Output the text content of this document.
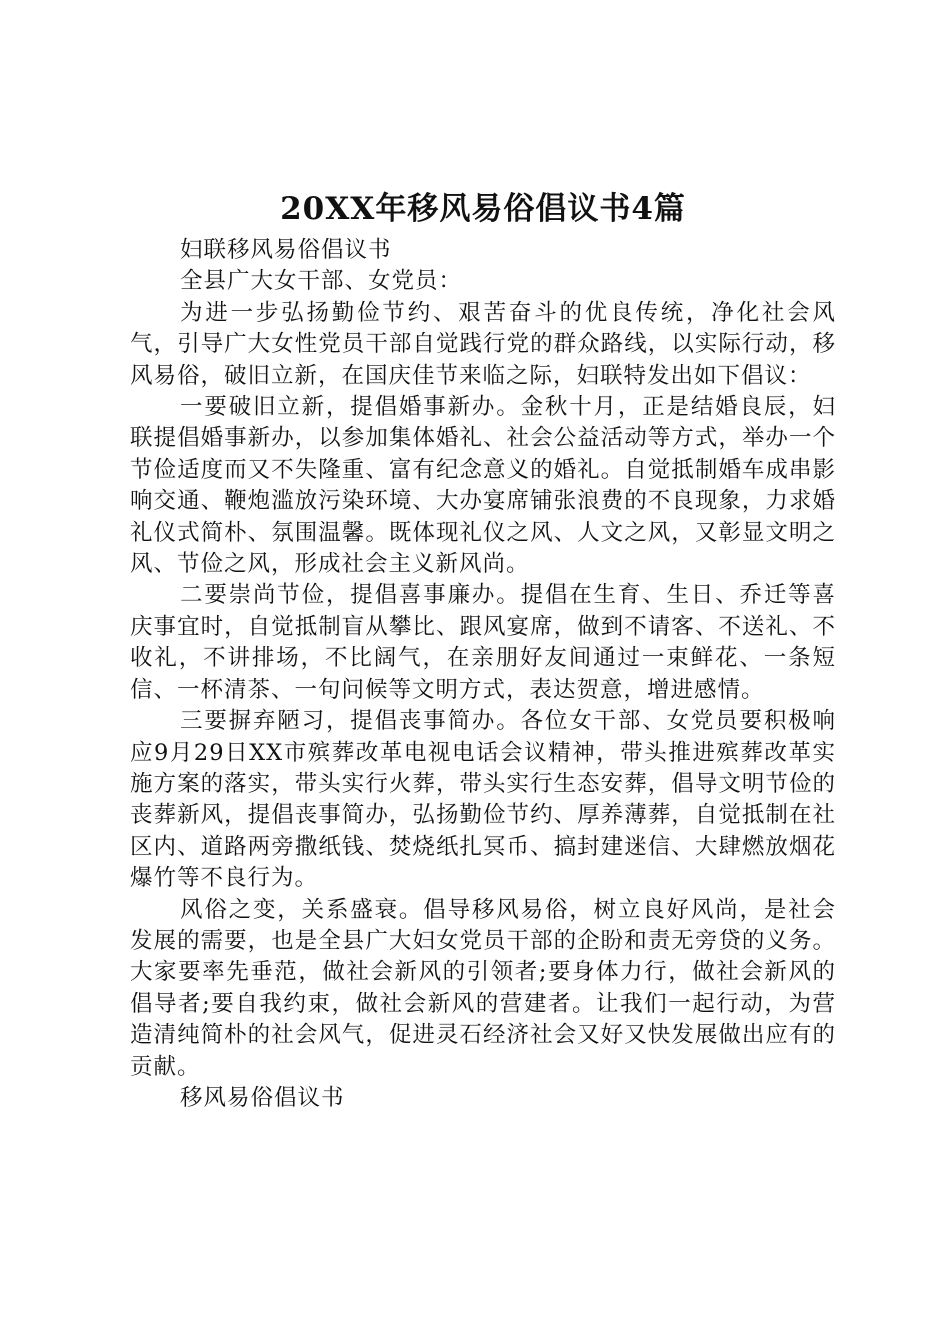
20XX年移风易俗倡议书4篇

妇联移风易俗倡议书

全县广大女干部、女党员：

为进一步弘扬勤俭节约、艰苦奋斗的优良传统，净化社会风气，引导广大女性党员干部自觉践行党的群众路线，以实际行动，移风易俗，破旧立新，在国庆佳节来临之际，妇联特发出如下倡议：

一要破旧立新，提倡婚事新办。金秋十月，正是结婚良辰，妇联提倡婚事新办，以参加集体婚礼、社会公益活动等方式，举办一个节俭适度而又不失隆重、富有纪念意义的婚礼。自觉抵制婚车成串影响交通、鞭炮滥放污染环境、大办宴席铺张浪费的不良现象，力求婚礼仪式简朴、氛围温馨。既体现礼仪之风、人文之风，又彰显文明之风、节俭之风，形成社会主义新风尚。

二要崇尚节俭，提倡喜事廉办。提倡在生育、生日、乔迁等喜庆事宜时，自觉抵制盲从攀比、跟风宴席，做到不请客、不送礼、不收礼，不讲排场，不比阔气，在亲朋好友间通过一束鲜花、一条短信、一杯清茶、一句问候等文明方式，表达贺意，增进感情。

三要摒弃陋习，提倡丧事简办。各位女干部、女党员要积极响应9月29日XX市殡葬改革电视电话会议精神，带头推进殡葬改革实施方案的落实，带头实行火葬，带头实行生态安葬，倡导文明节俭的丧葬新风，提倡丧事简办，弘扬勤俭节约、厚养薄葬，自觉抵制在社区内、道路两旁撒纸钱、焚烧纸扎冥币、搞封建迷信、大肆燃放烟花爆竹等不良行为。

风俗之变，关系盛衰。倡导移风易俗，树立良好风尚，是社会发展的需要，也是全县广大妇女党员干部的企盼和责无旁贷的义务。大家要率先垂范，做社会新风的引领者;要身体力行，做社会新风的倡导者;要自我约束，做社会新风的营建者。让我们一起行动，为营造清纯简朴的社会风气，促进灵石经济社会又好又快发展做出应有的贡献。

移风易俗倡议书
